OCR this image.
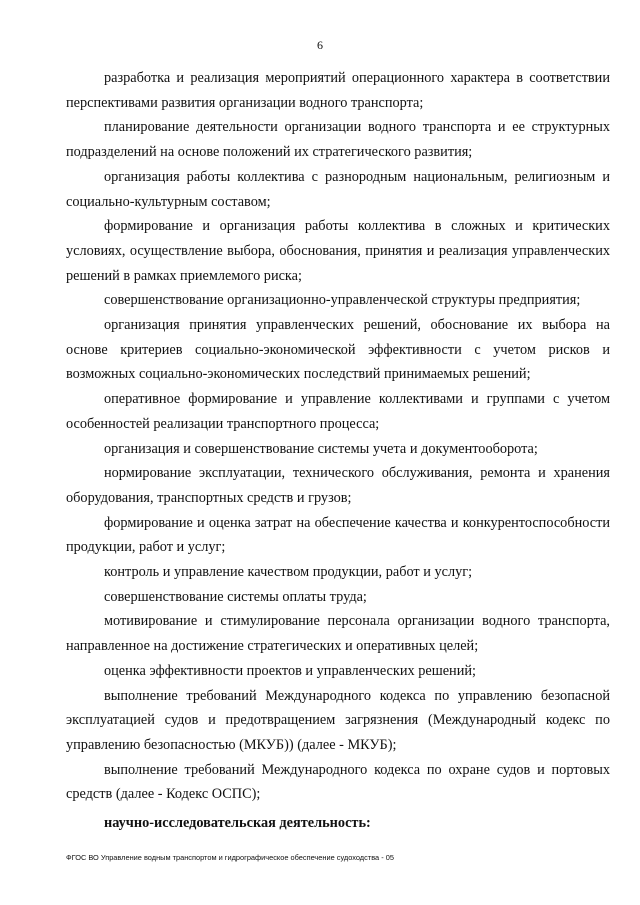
6

разработка и реализация мероприятий операционного характера в соответствии перспективами развития организации водного транспорта;

планирование деятельности организации водного транспорта и ее структурных подразделений на основе положений их стратегического развития;

организация работы коллектива с разнородным национальным, религиозным и социально-культурным составом;

формирование и организация работы коллектива в сложных и критических условиях, осуществление выбора, обоснования, принятия и реализация управленческих решений в рамках приемлемого риска;

совершенствование организационно-управленческой структуры предприятия;

организация принятия управленческих решений, обоснование их выбора на основе критериев социально-экономической эффективности с учетом рисков и возможных социально-экономических последствий принимаемых решений;

оперативное формирование и управление коллективами и группами с учетом особенностей реализации транспортного процесса;

организация и совершенствование системы учета и документооборота;

нормирование эксплуатации, технического обслуживания, ремонта и хранения оборудования, транспортных средств и грузов;

формирование и оценка затрат на обеспечение качества и конкурентоспособности продукции, работ и услуг;

контроль и управление качеством продукции, работ и услуг;

совершенствование системы оплаты труда;

мотивирование и стимулирование персонала организации водного транспорта, направленное на достижение стратегических и оперативных целей;

оценка эффективности проектов и управленческих решений;

выполнение требований Международного кодекса по управлению безопасной эксплуатацией судов и предотвращением загрязнения (Международный кодекс по управлению безопасностью (МКУБ)) (далее - МКУБ);

выполнение требований Международного кодекса по охране судов и портовых средств (далее - Кодекс ОСПС);

научно-исследовательская деятельность:

ФГОС ВО Управление водным транспортом и гидрографическое обеспечение судоходства - 05
